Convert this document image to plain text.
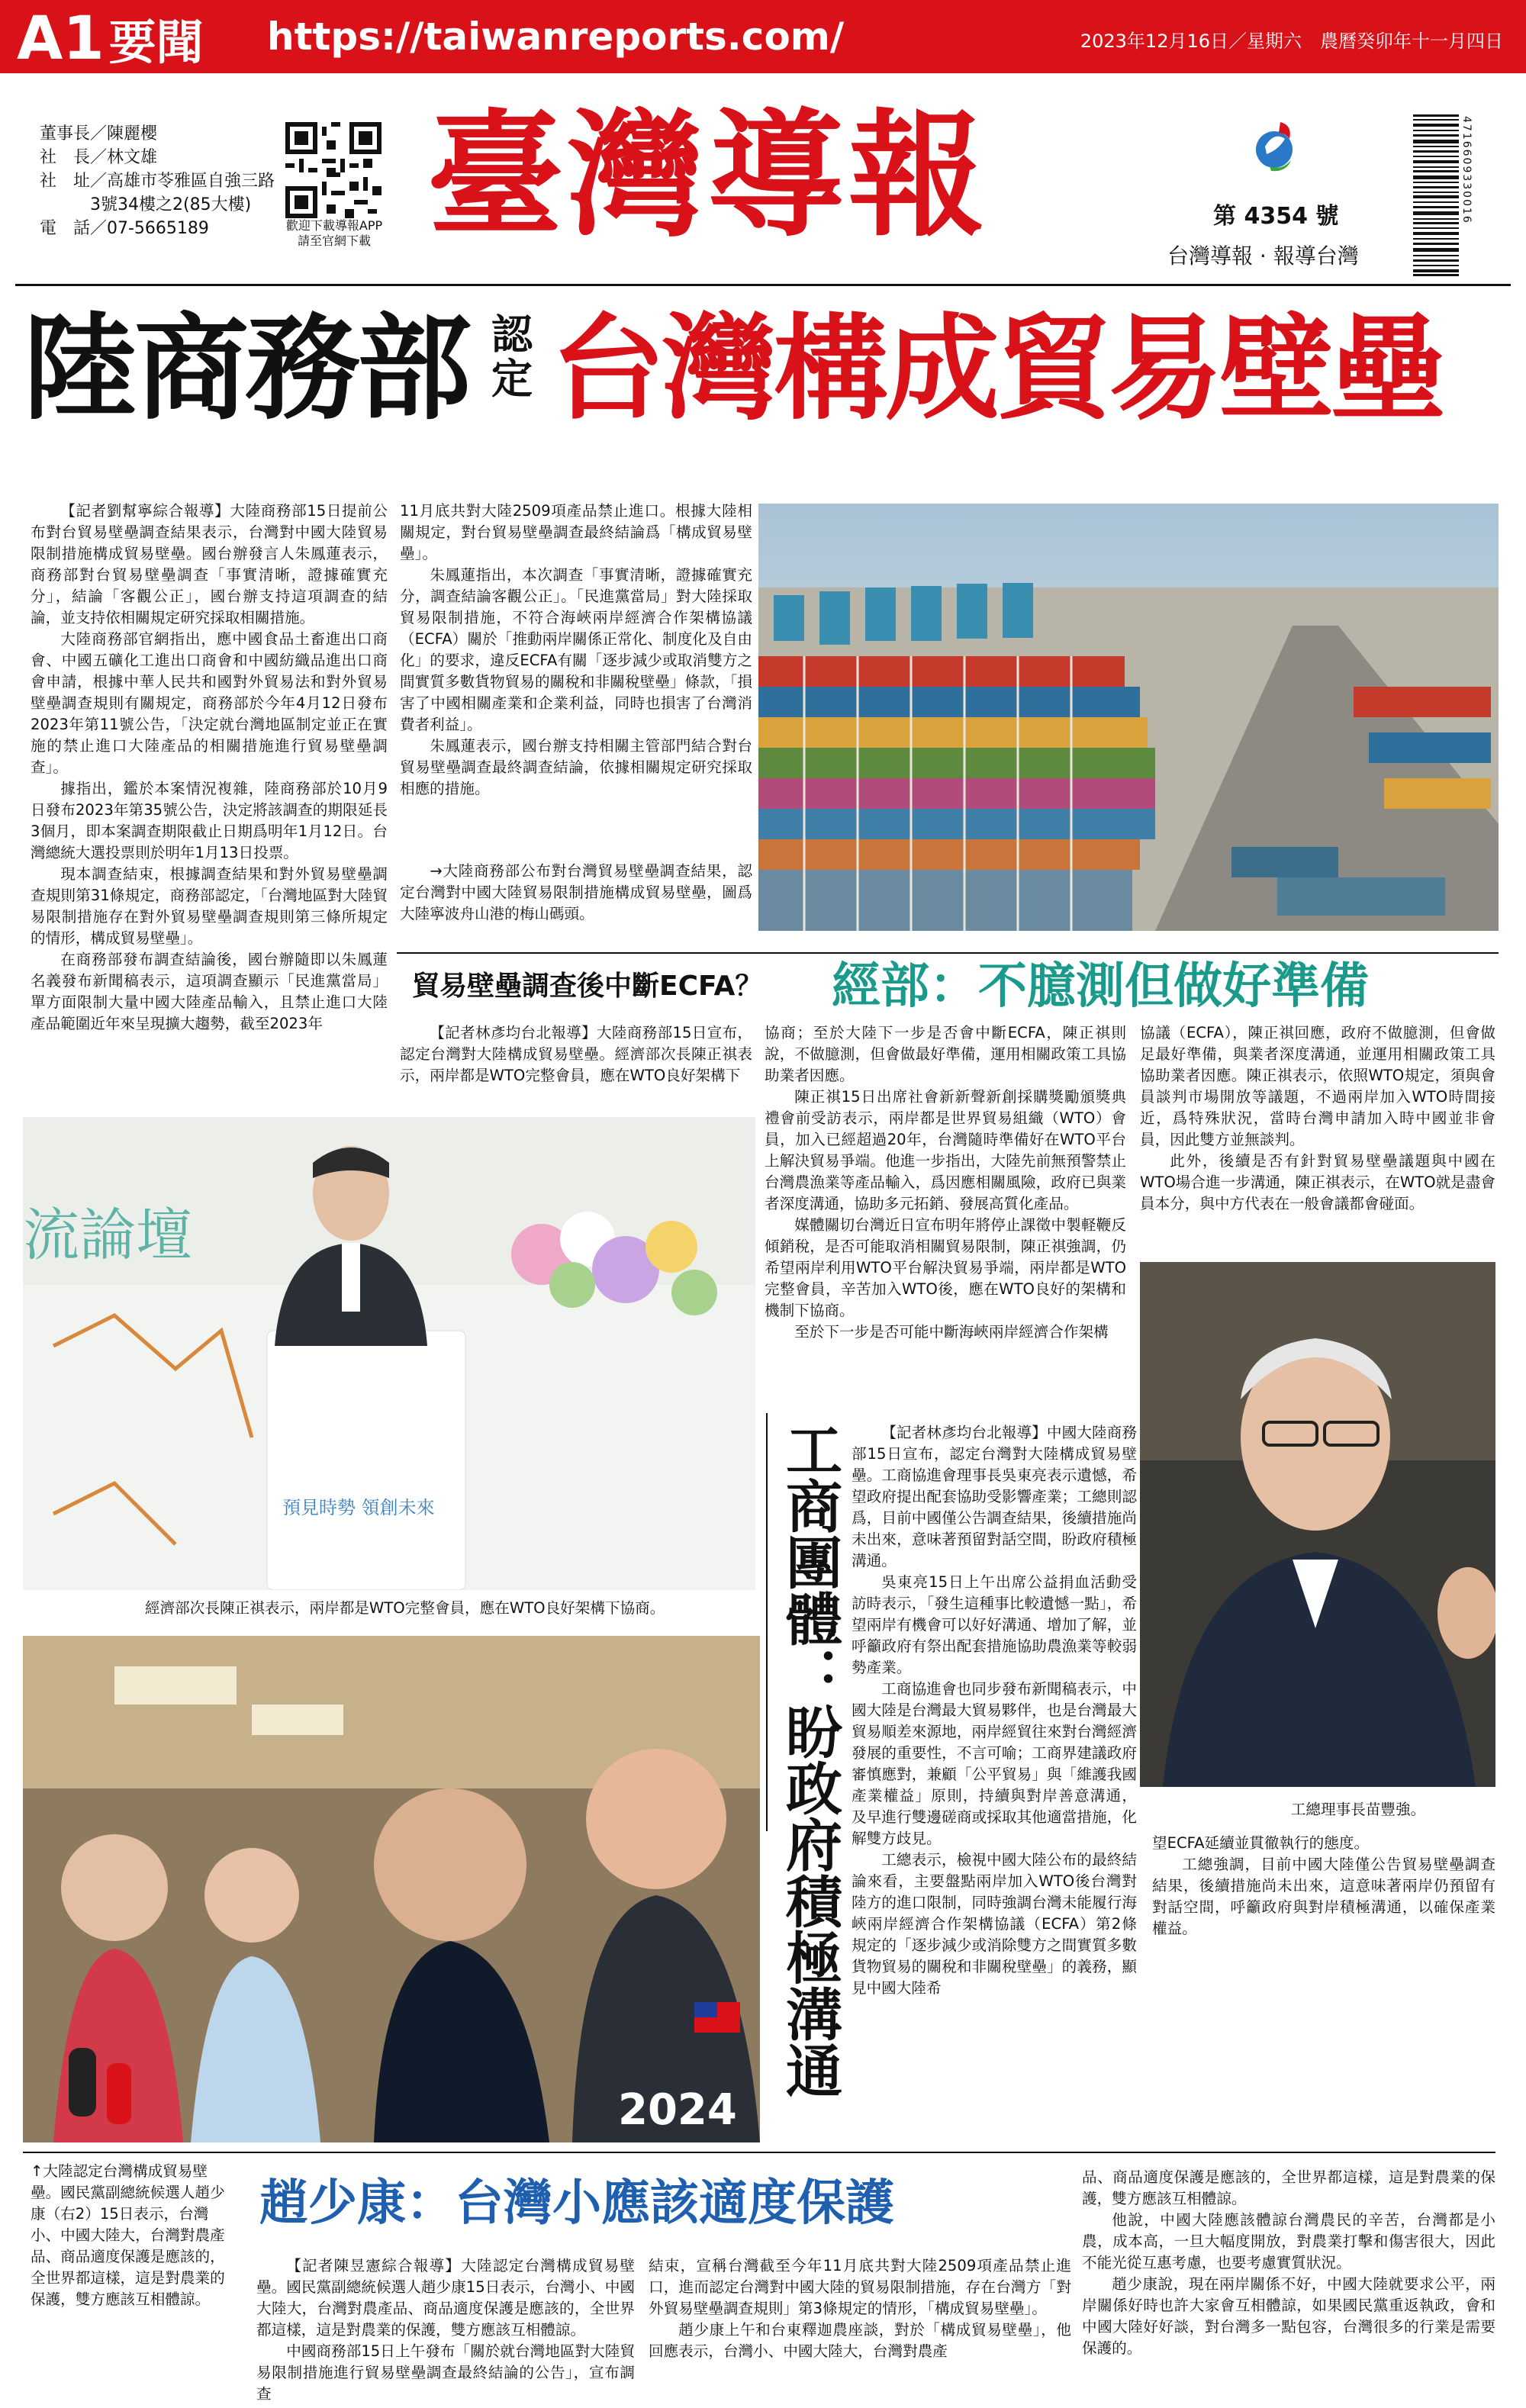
A1 要聞 https://taiwanreports.com/	2023年12月16日／星期六　農曆癸卯年十一月四日
董事長／陳麗櫻
社　長／林文雄
社　址／高雄市苓雅區自強三路
　　　3號34樓之2(85大樓)
電　話／07-5665189	歡迎下載導報APP 請至官網下載 臺灣導報	第 4354 號
台灣導報 · 報導台灣
4716609330016
陸商務部 認定 台灣構成貿易壁壘

【記者劉幫寧綜合報導】大陸商務部15日提前公布對台貿易壁壘調查結果表示，台灣對中國大陸貿易限制措施構成貿易壁壘。國台辦發言人朱鳳蓮表示，商務部對台貿易壁壘調查「事實清晰，證據確實充分」，結論「客觀公正」，國台辦支持這項調查的結論，並支持依相關規定研究採取相關措施。

大陸商務部官網指出，應中國食品土畜進出口商會、中國五礦化工進出口商會和中國紡織品進出口商會申請，根據中華人民共和國對外貿易法和對外貿易壁壘調查規則有關規定，商務部於今年4月12日發布2023年第11號公告，「決定就台灣地區制定並正在實施的禁止進口大陸產品的相關措施進行貿易壁壘調查」。

據指出，鑑於本案情況複雜，陸商務部於10月9日發布2023年第35號公告，決定將該調查的期限延長3個月，即本案調查期限截止日期爲明年1月12日。台灣總統大選投票則於明年1月13日投票。

現本調查結束，根據調查結果和對外貿易壁壘調查規則第31條規定，商務部認定，「台灣地區對大陸貿易限制措施存在對外貿易壁壘調查規則第三條所規定的情形，構成貿易壁壘」。

在商務部發布調查結論後，國台辦隨即以朱鳳蓮名義發布新聞稿表示，這項調查顯示「民進黨當局」單方面限制大量中國大陸產品輸入，且禁止進口大陸產品範圍近年來呈現擴大趨勢，截至2023年

11月底共對大陸2509項產品禁止進口。根據大陸相關規定，對台貿易壁壘調查最終結論爲「構成貿易壁壘」。

朱鳳蓮指出，本次調查「事實清晰，證據確實充分，調查結論客觀公正」。「民進黨當局」對大陸採取貿易限制措施，不符合海峽兩岸經濟合作架構協議（ECFA）關於「推動兩岸關係正常化、制度化及自由化」的要求，違反ECFA有關「逐步減少或取消雙方之間實質多數貨物貿易的關稅和非關稅壁壘」條款，「損害了中國相關產業和企業利益，同時也損害了台灣消費者利益」。

朱鳳蓮表示，國台辦支持相關主管部門結合對台貿易壁壘調查最終調查結論，依據相關規定研究採取相應的措施。

→大陸商務部公布對台灣貿易壁壘調查結果，認定台灣對中國大陸貿易限制措施構成貿易壁壘，圖爲大陸寧波舟山港的梅山碼頭。

貿易壁壘調查後中斷ECFA？ 經部：不臆測但做好準備

【記者林彥均台北報導】大陸商務部15日宣布，認定台灣對大陸構成貿易壁壘。經濟部次長陳正祺表示，兩岸都是WTO完整會員，應在WTO良好架構下

協商；至於大陸下一步是否會中斷ECFA，陳正祺則說，不做臆測，但會做最好準備，運用相關政策工具協助業者因應。

陳正祺15日出席社會新新聲新創採購獎勵頒獎典禮會前受訪表示，兩岸都是世界貿易組織（WTO）會員，加入已經超過20年，台灣隨時準備好在WTO平台上解決貿易爭端。他進一步指出，大陸先前無預警禁止台灣農漁業等產品輸入，爲因應相關風險，政府已與業者深度溝通，協助多元拓銷、發展高質化產品。

媒體關切台灣近日宣布明年將停止課徵中製軽鞭反傾銷稅，是否可能取消相關貿易限制，陳正祺強調，仍希望兩岸利用WTO平台解決貿易爭端，兩岸都是WTO完整會員，辛苦加入WTO後，應在WTO良好的架構和機制下協商。

至於下一步是否可能中斷海峽兩岸經濟合作架構

協議（ECFA），陳正祺回應，政府不做臆測，但會做足最好準備，與業者深度溝通，並運用相關政策工具協助業者因應。陳正祺表示，依照WTO規定，須與會員談判市場開放等議題，不過兩岸加入WTO時間接近，爲特殊狀況，當時台灣申請加入時中國並非會員，因此雙方並無談判。

此外，後續是否有針對貿易壁壘議題與中國在WTO場合進一步溝通，陳正祺表示，在WTO就是盡會員本分，與中方代表在一般會議都會碰面。

流論壇
預見時勢 領創未來
經濟部次長陳正祺表示，兩岸都是WTO完整會員，應在WTO良好架構下協商。	工商團體：盼政府積極溝通	【記者林彥均台北報導】中國大陸商務部15日宣布，認定台灣對大陸構成貿易壁壘。工商協進會理事長吳東亮表示遺憾，希望政府提出配套協助受影響產業；工總則認爲，目前中國僅公告調查結果，後續措施尚未出來，意味著預留對話空間，盼政府積極溝通。

吳東亮15日上午出席公益捐血活動受訪時表示，「發生這種事比較遺憾一點」，希望兩岸有機會可以好好溝通、增加了解，並呼籲政府有祭出配套措施協助農漁業等較弱勢產業。

工商協進會也同步發布新聞稿表示，中國大陸是台灣最大貿易夥伴，也是台灣最大貿易順差來源地，兩岸經貿往來對台灣經濟發展的重要性，不言可喻；工商界建議政府審慎應對，兼顧「公平貿易」與「維護我國產業權益」原則，持續與對岸善意溝通， 及早進行雙邊磋商或採取其他適當措施，化解雙方歧見。

工總表示，檢視中國大陸公布的最終結論來看，主要盤點兩岸加入WTO後台灣對陸方的進口限制，同時強調台灣未能履行海峽兩岸經濟合作架構協議（ECFA）第2條規定的「逐步減少或消除雙方之間實質多數貨物貿易的關稅和非關稅壁壘」的義務，顯見中國大陸希

工總理事長苗豐強。

望ECFA延續並貫徹執行的態度。

工總強調，目前中國大陸僅公告貿易壁壘調查結果，後續措施尚未出來，這意味著兩岸仍預留有對話空間，呼籲政府與對岸積極溝通，以確保產業權益。

2024

↑大陸認定台灣構成貿易壁壘。國民黨副總統候選人趙少康（右2）15日表示，台灣小、中國大陸大，台灣對農產品、商品適度保護是應該的，全世界都這樣，這是對農業的保護，雙方應該互相體諒。

趙少康：台灣小應該適度保護

【記者陳昱憲綜合報導】大陸認定台灣構成貿易壁壘。國民黨副總統候選人趙少康15日表示，台灣小、中國大陸大，台灣對農產品、商品適度保護是應該的，全世界都這樣，這是對農業的保護，雙方應該互相體諒。

中國商務部15日上午發布「關於就台灣地區對大陸貿易限制措施進行貿易壁壘調查最終結論的公告」，宣布調查

結束，宣稱台灣截至今年11月底共對大陸2509項產品禁止進口，進而認定台灣對中國大陸的貿易限制措施，存在台灣方「對外貿易壁壘調查規則」第3條規定的情形，「構成貿易壁壘」。

趙少康上午和台東釋迦農座談，對於「構成貿易壁壘」，他回應表示，台灣小、中國大陸大，台灣對農產

品、商品適度保護是應該的，全世界都這樣，這是對農業的保護，雙方應該互相體諒。

他說，中國大陸應該體諒台灣農民的辛苦，台灣都是小農，成本高，一旦大幅度開放，對農業打擊和傷害很大，因此不能光從互惠考慮，也要考慮實質狀況。

趙少康說，現在兩岸關係不好，中國大陸就要求公平，兩岸關係好時也許大家會互相體諒，如果國民黨重返執政，會和中國大陸好好談，對台灣多一點包容，台灣很多的行業是需要保護的。
